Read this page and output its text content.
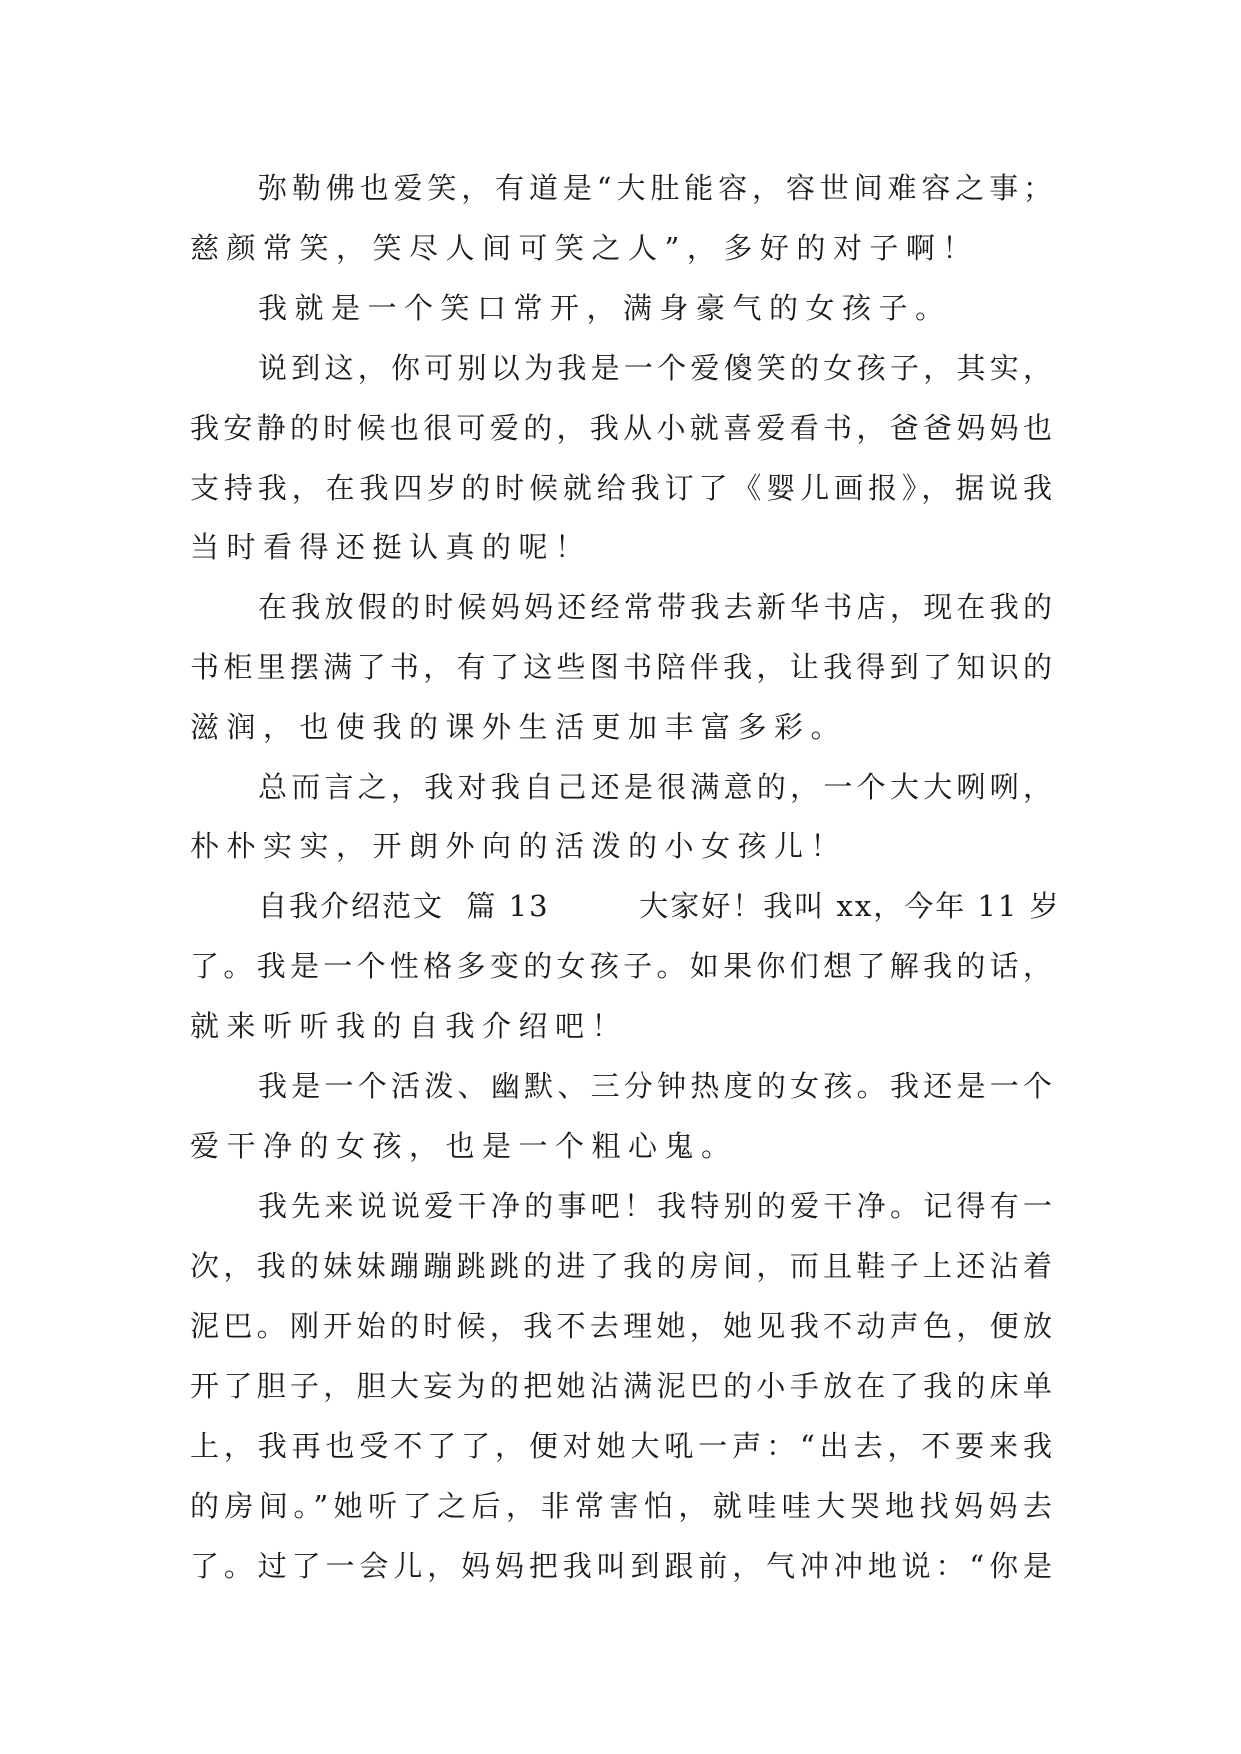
弥勒佛也爱笑，有道是“大肚能容，容世间难容之事；
慈颜常笑，笑尽人间可笑之人”，多好的对子啊！
我就是一个笑口常开，满身豪气的女孩子。
说到这，你可别以为我是一个爱傻笑的女孩子，其实，
我安静的时候也很可爱的，我从小就喜爱看书，爸爸妈妈也
支持我，在我四岁的时候就给我订了《婴儿画报》，据说我
当时看得还挺认真的呢！
在我放假的时候妈妈还经常带我去新华书店，现在我的
书柜里摆满了书，有了这些图书陪伴我，让我得到了知识的
滋润，也使我的课外生活更加丰富多彩。
总而言之，我对我自己还是很满意的，一个大大咧咧，
朴朴实实，开朗外向的活泼的小女孩儿！
自我介绍范文  篇 13        大家好！我叫 xx，今年 11 岁
了。我是一个性格多变的女孩子。如果你们想了解我的话，
就来听听我的自我介绍吧！
我是一个活泼、幽默、三分钟热度的女孩。我还是一个
爱干净的女孩，也是一个粗心鬼。
我先来说说爱干净的事吧！我特别的爱干净。记得有一
次，我的妹妹蹦蹦跳跳的进了我的房间，而且鞋子上还沾着
泥巴。刚开始的时候，我不去理她，她见我不动声色，便放
开了胆子，胆大妄为的把她沾满泥巴的小手放在了我的床单
上，我再也受不了了，便对她大吼一声：“出去，不要来我
的房间。”她听了之后，非常害怕，就哇哇大哭地找妈妈去
了。过了一会儿，妈妈把我叫到跟前，气冲冲地说：“你是
